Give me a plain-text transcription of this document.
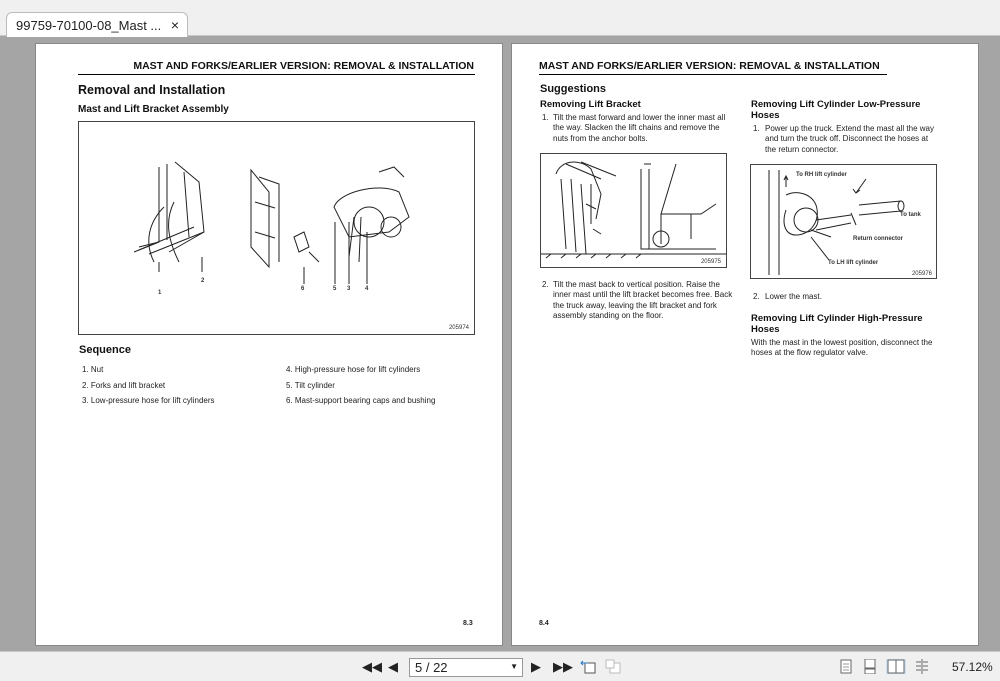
99759-70100-08_Mast ... ×
MAST AND FORKS/EARLIER VERSION: REMOVAL & INSTALLATION
Removal and Installation
Mast and Lift Bracket Assembly
1
2
6	5 3 4
205974
Sequence
1. Nut
2. Forks and lift bracket
3. Low-pressure hose for lift cylinders
4. High-pressure hose for lift cylinders
5. Tilt cylinder
6. Mast-support bearing caps and bushing
8.3
MAST AND FORKS/EARLIER VERSION: REMOVAL & INSTALLATION
Suggestions
Removing Lift Bracket
1. Tilt the mast forward and lower the inner mast all the way. Slacken the lift chains and remove the nuts from the anchor bolts.
205975
2. Tilt the mast back to vertical position. Raise the inner mast until the lift bracket becomes free. Back the truck away, leaving the lift bracket and fork assembly standing on the floor.
Removing Lift Cylinder Low-Pressure Hoses
1. Power up the truck. Extend the mast all the way and turn the truck off. Disconnect the hoses at the return connector.
To RH lift cylinder
To tank
Return connector
To LH lift cylinder
205976
2. Lower the mast.
Removing Lift Cylinder High-Pressure Hoses
With the mast in the lowest position, disconnect the hoses at the flow regulator valve.
8.4
◀◀ ◀	5 / 22	▼ ▶ ▶▶	57.12%
